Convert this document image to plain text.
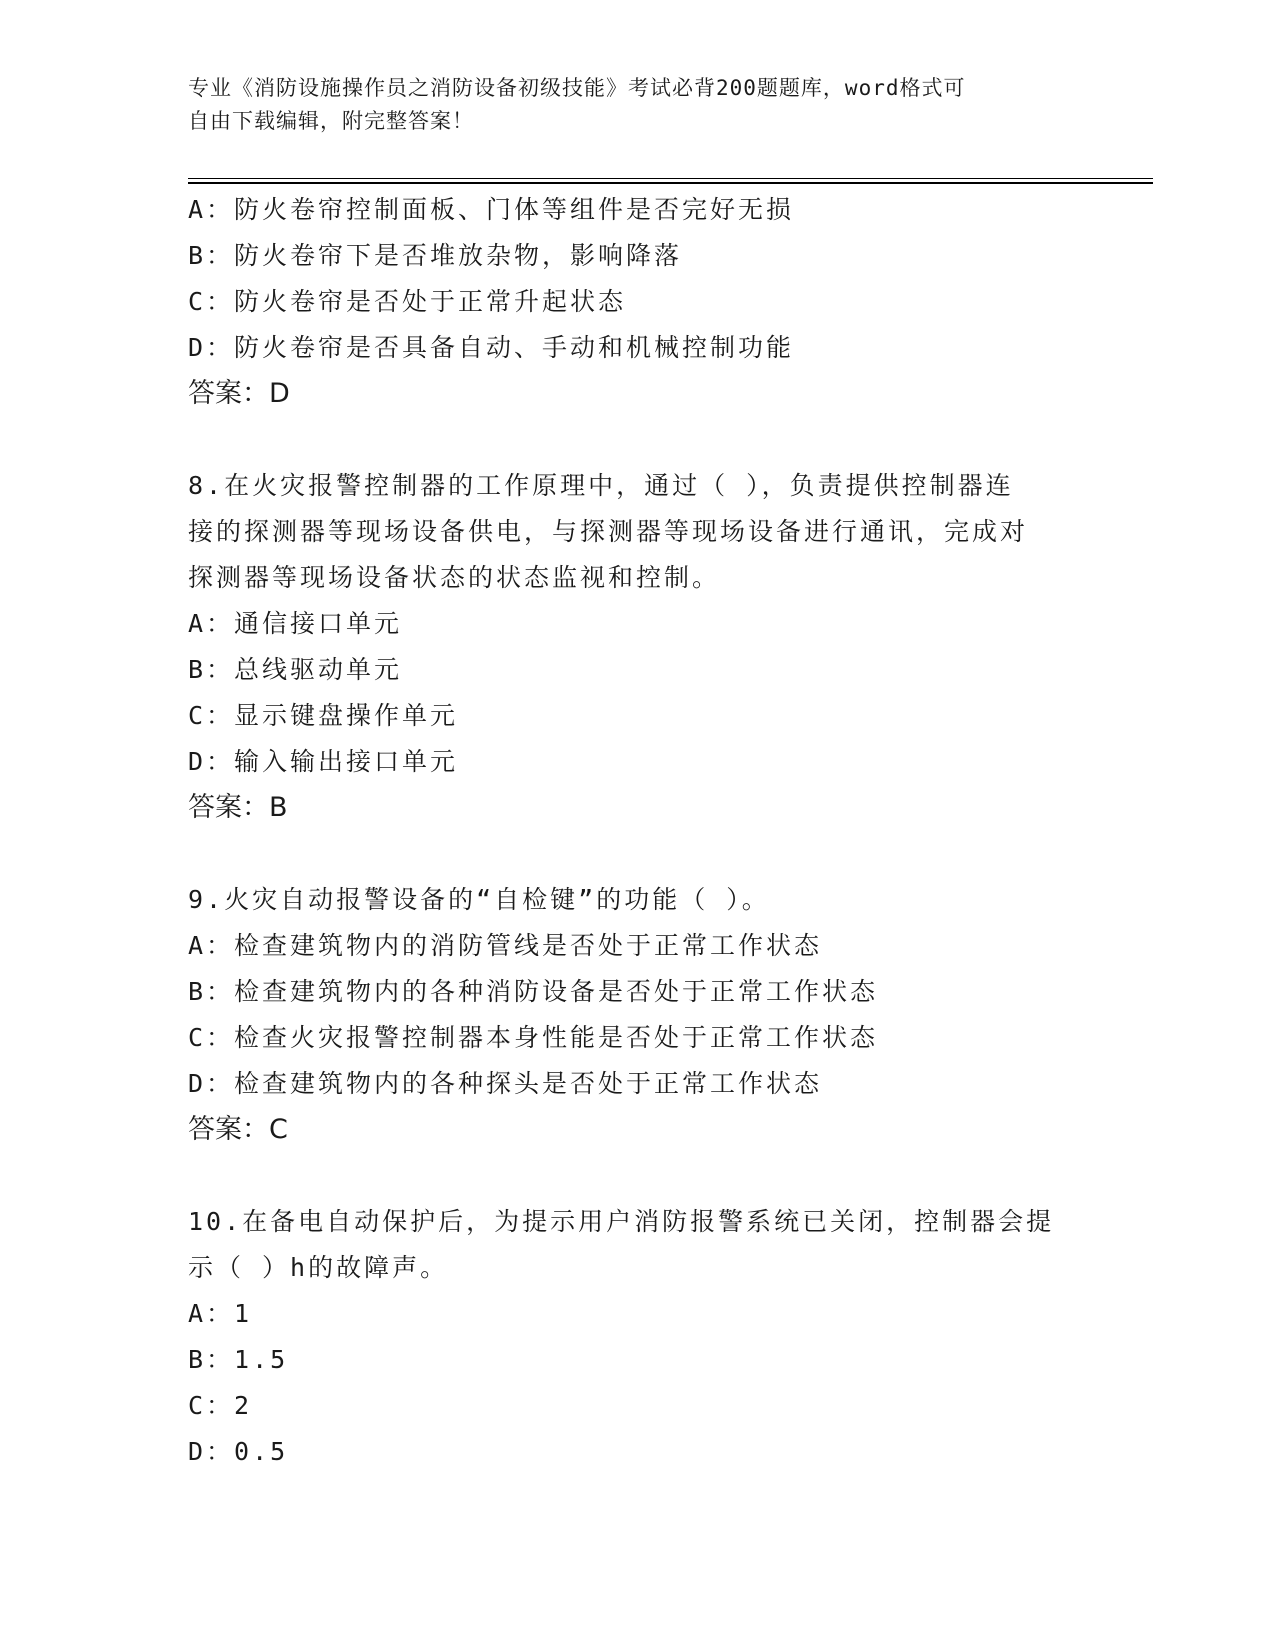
专业《消防设施操作员之消防设备初级技能》考试必背200题题库，word格式可
自由下载编辑，附完整答案！
A：防火卷帘控制面板、门体等组件是否完好无损
B：防火卷帘下是否堆放杂物，影响降落
C：防火卷帘是否处于正常升起状态
D：防火卷帘是否具备自动、手动和机械控制功能
答案：D
8.在火灾报警控制器的工作原理中，通过（ ），负责提供控制器连
接的探测器等现场设备供电，与探测器等现场设备进行通讯，完成对
探测器等现场设备状态的状态监视和控制。
A：通信接口单元
B：总线驱动单元
C：显示键盘操作单元
D：输入输出接口单元
答案：B
9.火灾自动报警设备的“自检键”的功能（ ）。
A：检查建筑物内的消防管线是否处于正常工作状态
B：检查建筑物内的各种消防设备是否处于正常工作状态
C：检查火灾报警控制器本身性能是否处于正常工作状态
D：检查建筑物内的各种探头是否处于正常工作状态
答案：C
10.在备电自动保护后，为提示用户消防报警系统已关闭，控制器会提
示（ ）h的故障声。
A：1
B：1.5
C：2
D：0.5
